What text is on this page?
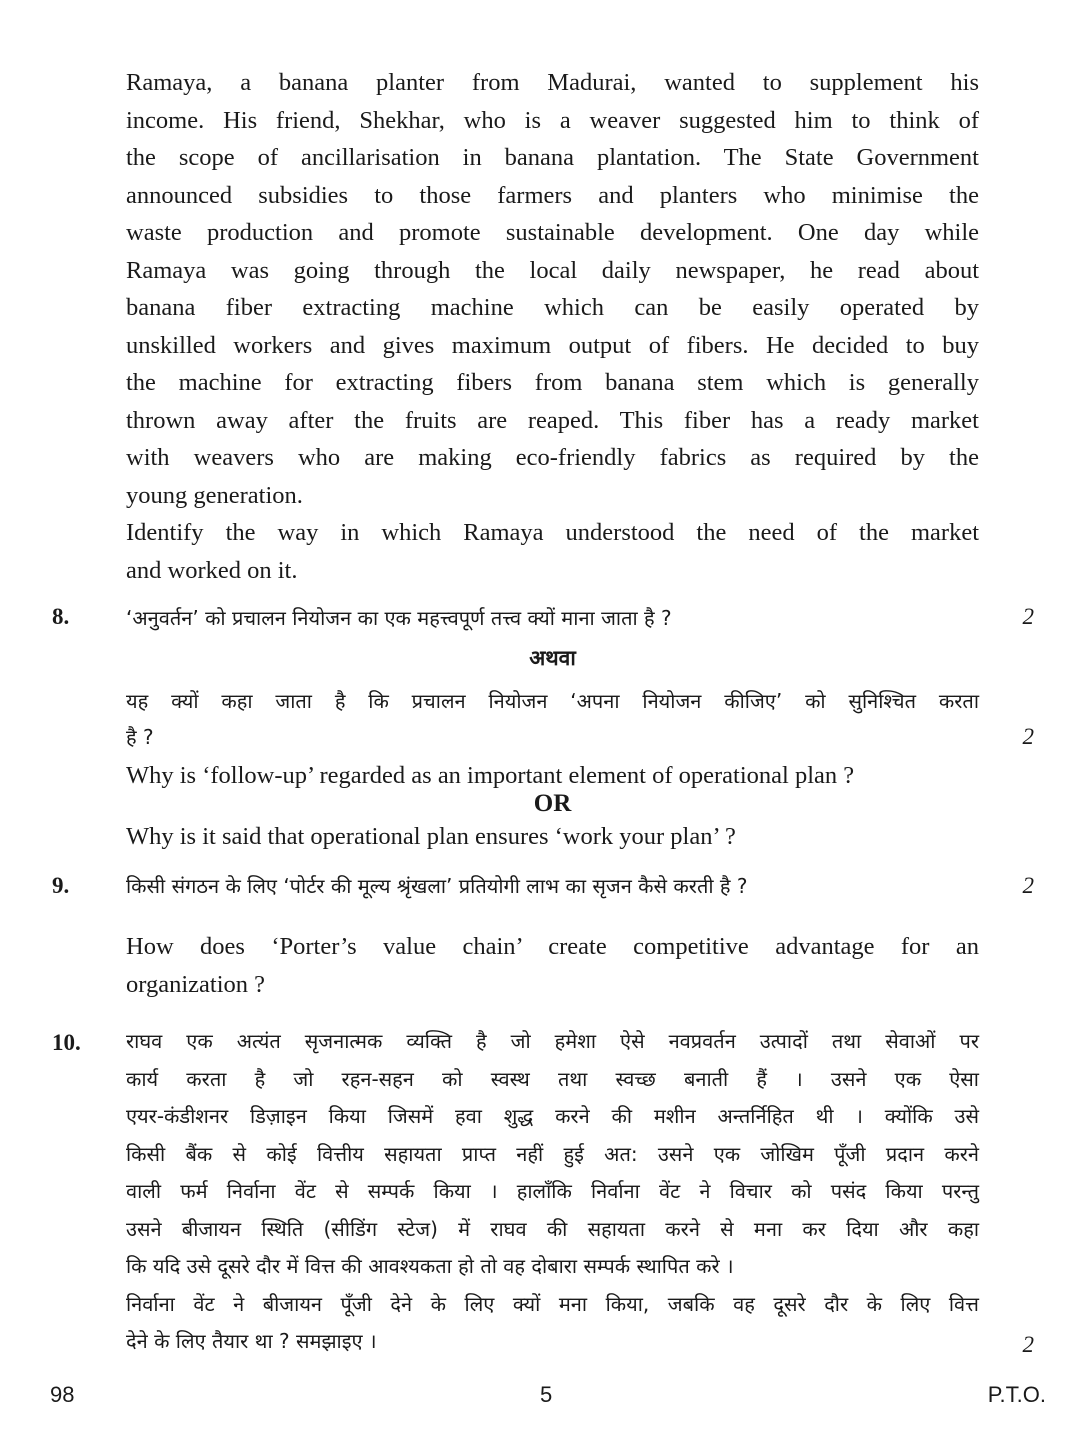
Ramaya, a banana planter from Madurai, wanted to supplement his
income. His friend, Shekhar, who is a weaver suggested him to think of
the scope of ancillarisation in banana plantation. The State Government
announced subsidies to those farmers and planters who minimise the
waste production and promote sustainable development. One day while
Ramaya was going through the local daily newspaper, he read about
banana fiber extracting machine which can be easily operated by
unskilled workers and gives maximum output of fibers. He decided to buy
the machine for extracting fibers from banana stem which is generally
thrown away after the fruits are reaped. This fiber has a ready market
with weavers who are making eco-friendly fabrics as required by the
young generation.
Identify the way in which Ramaya understood the need of the market
and worked on it.
8.	‘अनुवर्तन’ को प्रचालन नियोजन का एक महत्त्वपूर्ण तत्त्व क्यों माना जाता है ?	2
अथवा
यह क्यों कहा जाता है कि प्रचालन नियोजन ‘अपना नियोजन कीजिए’ को सुनिश्चित करता
है ?	2
Why is ‘follow-up’ regarded as an important element of operational plan ?
OR
Why is it said that operational plan ensures ‘work your plan’ ?
9.	किसी संगठन के लिए ‘पोर्टर की मूल्य श्रृंखला’ प्रतियोगी लाभ का सृजन कैसे करती है ?	2
How does ‘Porter’s value chain’ create competitive advantage for an
organization ?
10. राघव एक अत्यंत सृजनात्मक व्यक्ति है जो हमेशा ऐसे नवप्रवर्तन उत्पादों तथा सेवाओं पर
कार्य करता है जो रहन-सहन को स्वस्थ तथा स्वच्छ बनाती हैं । उसने एक ऐसा
एयर-कंडीशनर डिज़ाइन किया जिसमें हवा शुद्ध करने की मशीन अन्तर्निहित थी । क्योंकि उसे
किसी बैंक से कोई वित्तीय सहायता प्राप्त नहीं हुई अत: उसने एक जोखिम पूँजी प्रदान करने
वाली फर्म निर्वाना वेंट से सम्पर्क किया । हालाँकि निर्वाना वेंट ने विचार को पसंद किया परन्तु
उसने बीजायन स्थिति (सीडिंग स्टेज) में राघव की सहायता करने से मना कर दिया और कहा
कि यदि उसे दूसरे दौर में वित्त की आवश्यकता हो तो वह दोबारा सम्पर्क स्थापित करे ।
निर्वाना वेंट ने बीजायन पूँजी देने के लिए क्यों मना किया, जबकि वह दूसरे दौर के लिए वित्त
देने के लिए तैयार था ? समझाइए ।	2
98	5	P.T.O.
